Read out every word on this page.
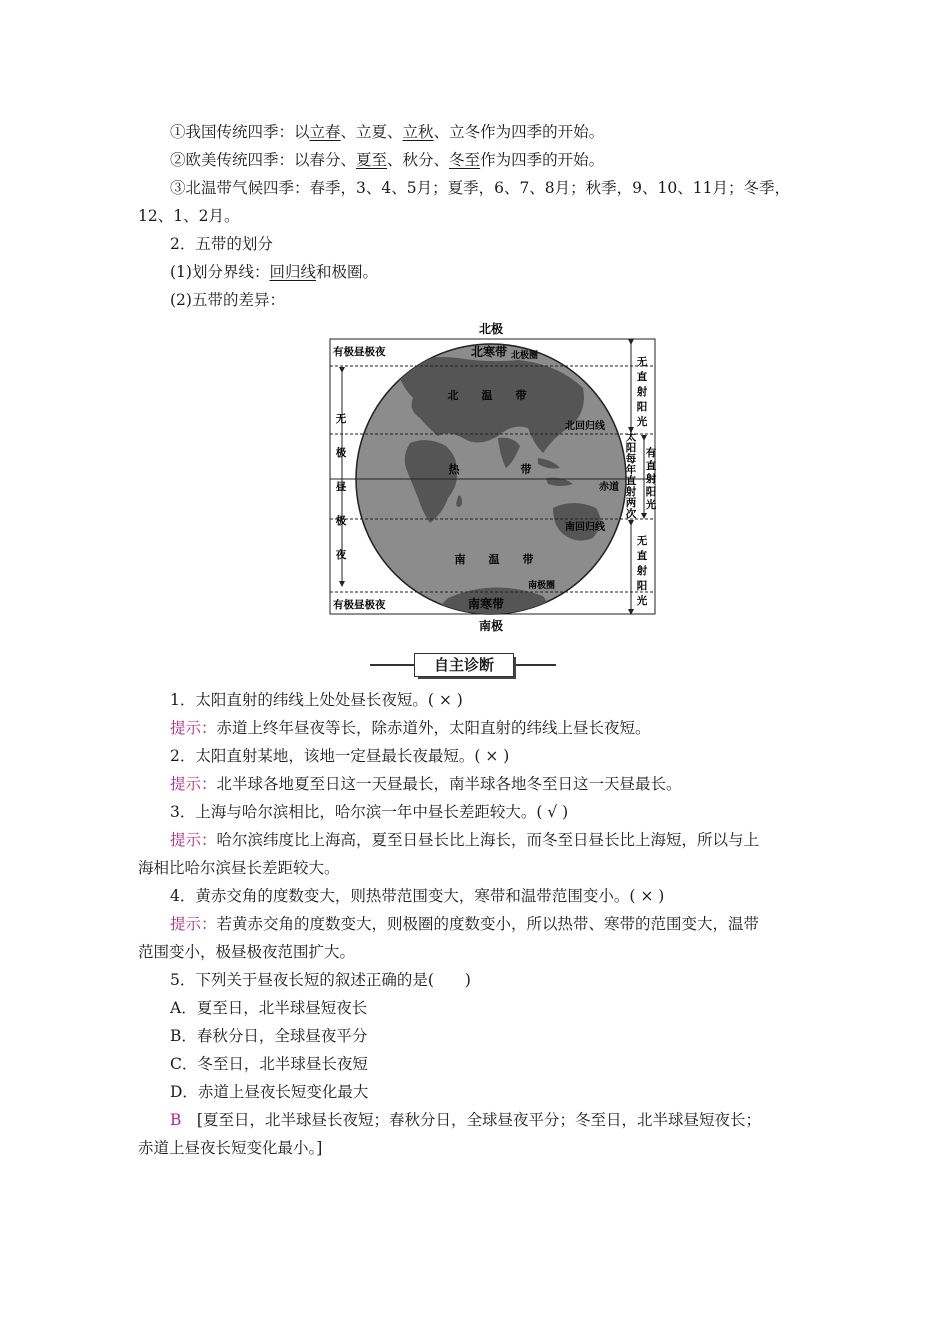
①我国传统四季：以立春、立夏、立秋、立冬作为四季的开始。
②欧美传统四季：以春分、夏至、秋分、冬至作为四季的开始。
③北温带气候四季：春季，3、4、5月；夏季，6、7、8月；秋季，9、10、11月；冬季，
12、1、2月。
2．五带的划分
(1)划分界线：回归线和极圈。
(2)五带的差异：
北极
南极
有极昼极夜
有极昼极夜
无
极
昼
极
夜
北寒带 北极圈
北 温 带
北回归线
热	带
赤道
南回归线
南 温 带
南极圈
南寒带
无
直
射
阳
光
太
阳
每
年
直
射
两
次
有
直
射
阳
光
无
直
射
阳
光
自主诊断
1．太阳直射的纬线上处处昼长夜短。( × )
提示：赤道上终年昼夜等长，除赤道外，太阳直射的纬线上昼长夜短。
2．太阳直射某地，该地一定昼最长夜最短。( × )
提示：北半球各地夏至日这一天昼最长，南半球各地冬至日这一天昼最长。
3．上海与哈尔滨相比，哈尔滨一年中昼长差距较大。( √ )
提示：哈尔滨纬度比上海高，夏至日昼长比上海长，而冬至日昼长比上海短，所以与上
海相比哈尔滨昼长差距较大。
4．黄赤交角的度数变大，则热带范围变大，寒带和温带范围变小。( × )
提示：若黄赤交角的度数变大，则极圈的度数变小，所以热带、寒带的范围变大，温带
范围变小，极昼极夜范围扩大。
5．下列关于昼夜长短的叙述正确的是(　　)
A．夏至日，北半球昼短夜长
B．春秋分日，全球昼夜平分
C．冬至日，北半球昼长夜短
D．赤道上昼夜长短变化最大
B　 [夏至日，北半球昼长夜短；春秋分日，全球昼夜平分；冬至日，北半球昼短夜长；
赤道上昼夜长短变化最小。]
